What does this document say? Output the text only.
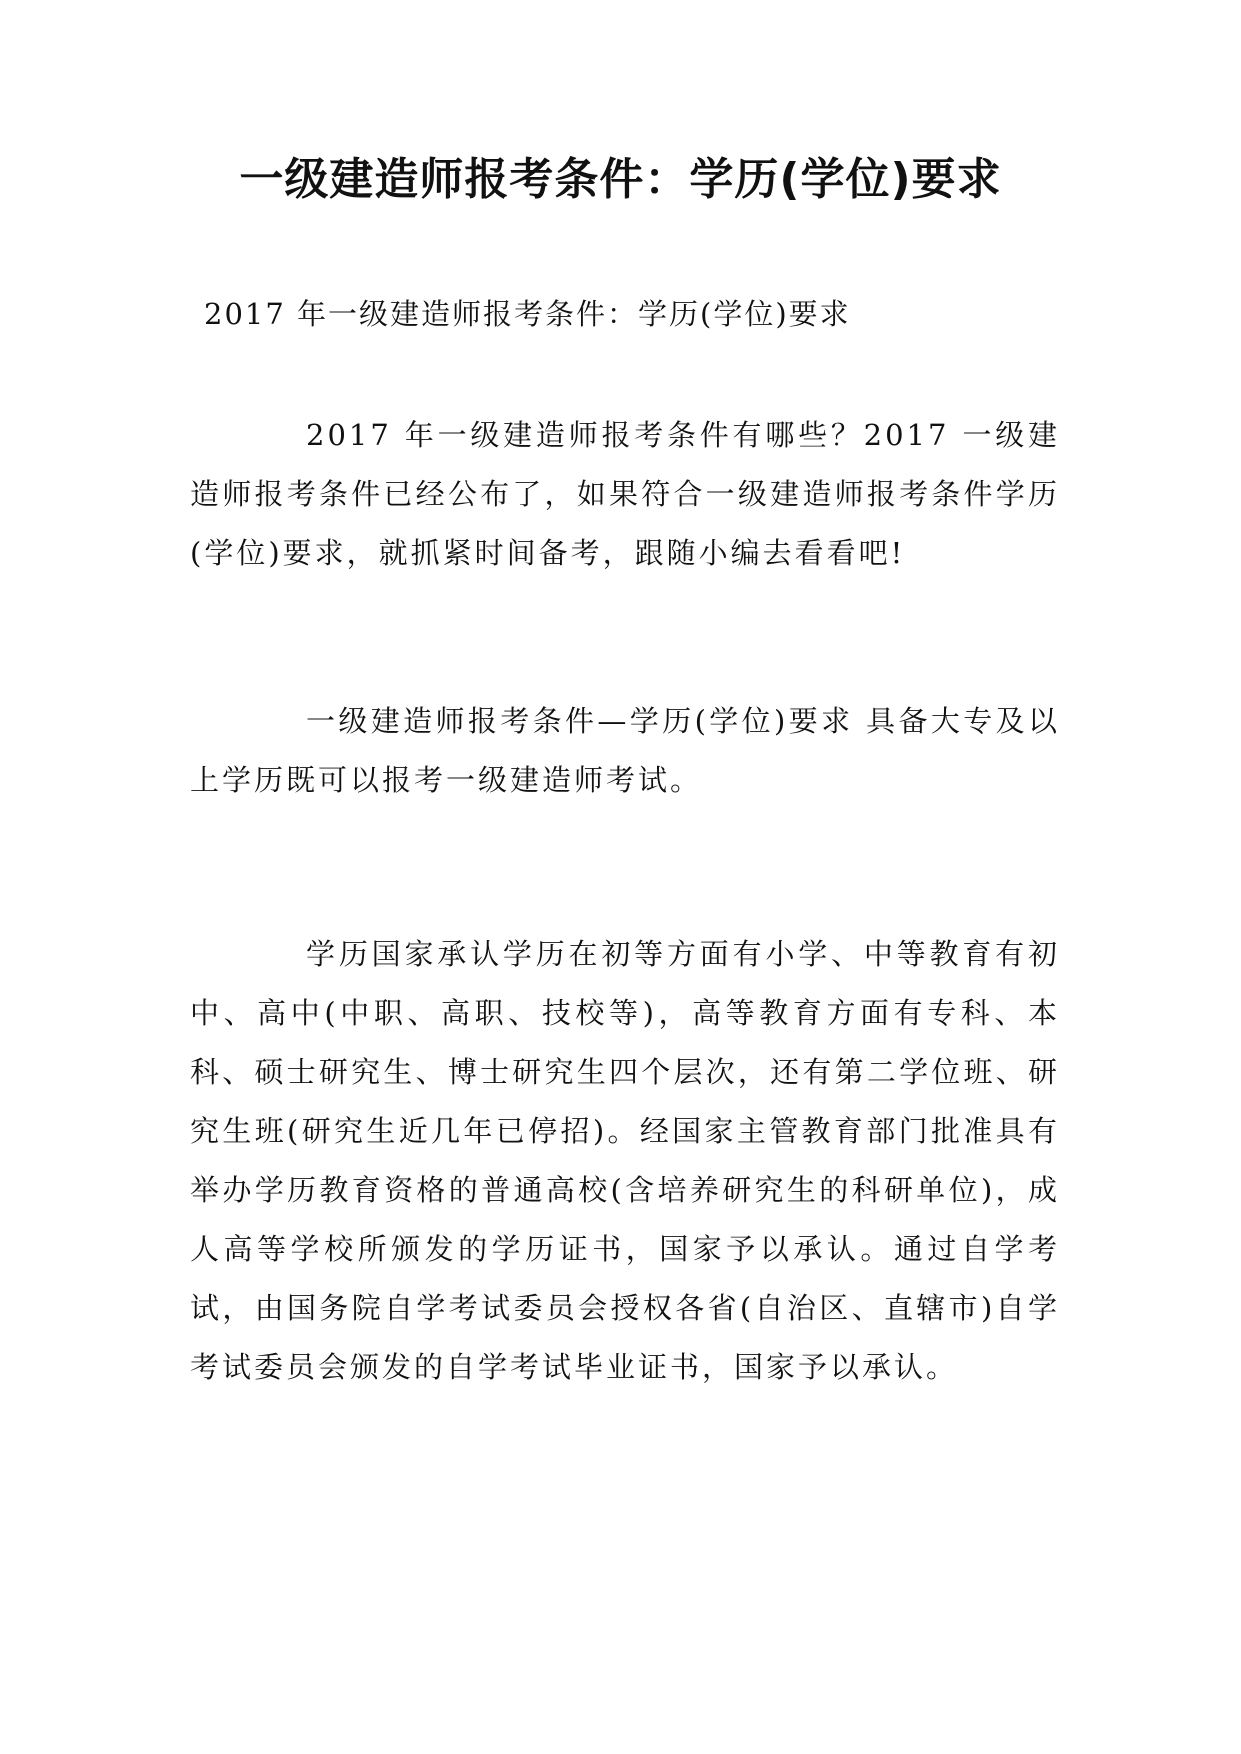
一级建造师报考条件：学历(学位)要求

2017 年一级建造师报考条件：学历(学位)要求

2017 年一级建造师报考条件有哪些？2017 一级建造师报考条件已经公布了，如果符合一级建造师报考条件学历(学位)要求，就抓紧时间备考，跟随小编去看看吧!

一级建造师报考条件—学历(学位)要求 具备大专及以上学历既可以报考一级建造师考试。

学历国家承认学历在初等方面有小学、中等教育有初中、高中(中职、高职、技校等)，高等教育方面有专科、本科、硕士研究生、博士研究生四个层次，还有第二学位班、研究生班(研究生近几年已停招)。经国家主管教育部门批准具有举办学历教育资格的普通高校(含培养研究生的科研单位)，成人高等学校所颁发的学历证书，国家予以承认。通过自学考试，由国务院自学考试委员会授权各省(自治区、直辖市)自学考试委员会颁发的自学考试毕业证书，国家予以承认。
